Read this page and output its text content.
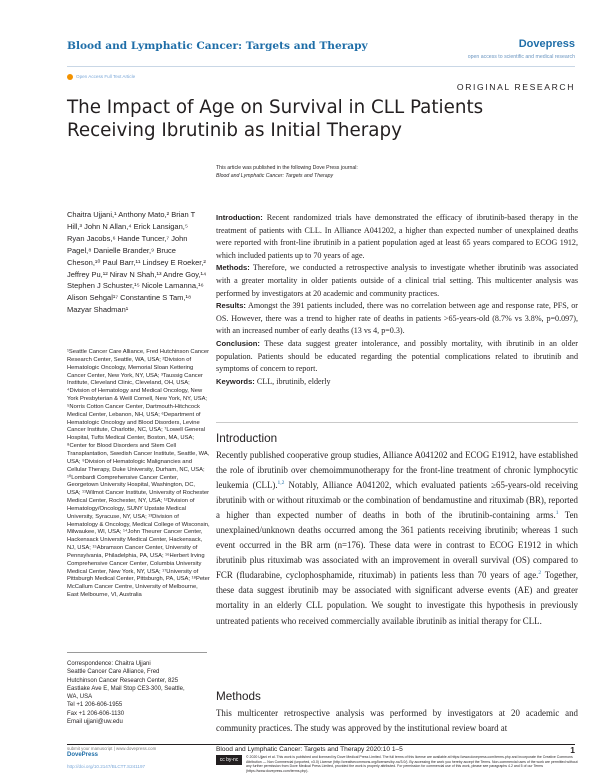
Blood and Lymphatic Cancer: Targets and Therapy	Dovepress
open access to scientific and medical research
Open Access Full Text Article
ORIGINAL RESEARCH
The Impact of Age on Survival in CLL Patients Receiving Ibrutinib as Initial Therapy
This article was published in the following Dove Press journal:
Blood and Lymphatic Cancer: Targets and Therapy
Chaitra Ujjani,¹ Anthony Mato,² Brian T Hill,³ John N Allan,⁴ Erick Lansigan,⁵ Ryan Jacobs,⁶ Hande Tuncer,⁷ John Pagel,⁸ Danielle Brander,⁹ Bruce Cheson,¹⁰ Paul Barr,¹¹ Lindsey E Roeker,² Jeffrey Pu,¹² Nirav N Shah,¹³ Andre Goy,¹⁴ Stephen J Schuster,¹⁵ Nicole Lamanna,¹⁶ Alison Sehgal¹⁷ Constantine S Tam,¹⁸ Mazyar Shadman¹
¹Seattle Cancer Care Alliance, Fred Hutchinson Cancer Research Center, Seattle, WA, USA; ²Division of Hematologic Oncology, Memorial Sloan Kettering Cancer Center, New York, NY, USA; ³Taussig Cancer Institute, Cleveland Clinic, Cleveland, OH, USA; ⁴Division of Hematology and Medical Oncology, New York Presbyterian & Weill Cornell, New York, NY, USA; ⁵Norris Cotton Cancer Center, Dartmouth-Hitchcock Medical Center, Lebanon, NH, USA; ⁶Department of Hematologic Oncology and Blood Disorders, Levine Cancer Institute, Charlotte, NC, USA; ⁷Lowell General Hospital, Tufts Medical Center, Boston, MA, USA; ⁸Center for Blood Disorders and Stem Cell Transplantation, Swedish Cancer Institute, Seattle, WA, USA; ⁹Division of Hematologic Malignancies and Cellular Therapy, Duke University, Durham, NC, USA; ¹⁰Lombardi Comprehensive Cancer Center, Georgetown University Hospital, Washington, DC, USA; ¹¹Wilmot Cancer Institute, University of Rochester Medical Center, Rochester, NY, USA; ¹²Division of Hematology/Oncology, SUNY Upstate Medical University, Syracuse, NY, USA; ¹³Division of Hematology & Oncology, Medical College of Wisconsin, Milwaukee, WI, USA; ¹⁴John Theurer Cancer Center, Hackensack University Medical Center, Hackensack, NJ, USA; ¹⁵Abramson Cancer Center, University of Pennsylvania, Philadelphia, PA, USA; ¹⁶Herbert Irving Comprehensive Cancer Center, Columbia University Medical Center, New York, NY, USA; ¹⁷University of Pittsburgh Medical Center, Pittsburgh, PA, USA; ¹⁸Peter McCallum Cancer Centre, University of Melbourne, East Melbourne, VI, Australia
Correspondence: Chaitra Ujjani
Seattle Cancer Care Alliance, Fred
Hutchinson Cancer Research Center, 825
Eastlake Ave E, Mail Stop CE3-300, Seattle,
WA, USA
Tel +1 206-606-1955
Fax +1 206-606-1130
Email ujjani@uw.edu

Introduction: Recent randomized trials have demonstrated the efficacy of ibrutinib-based therapy in the treatment of patients with CLL. In Alliance A041202, a higher than expected number of unexplained deaths were reported with front-line ibrutinib in a patient population aged at least 65 years compared to ECOG 1912, which included patients up to 70 years of age.

Methods: Therefore, we conducted a retrospective analysis to investigate whether ibrutinib was associated with a greater mortality in older patients outside of a clinical trial setting. This multicenter analysis was performed by investigators at 20 academic and community practices.

Results: Amongst the 391 patients included, there was no correlation between age and response rate, PFS, or OS. However, there was a trend to higher rate of deaths in patients >65-years-old (8.7% vs 3.8%, p=0.097), with an increased number of early deaths (13 vs 4, p=0.3).

Conclusion: These data suggest greater intolerance, and possibly mortality, with ibrutinib in an older population. Patients should be educated regarding the potential complications related to ibrutinib and symptoms of concern to report.

Keywords: CLL, ibrutinib, elderly

Introduction
Recently published cooperative group studies, Alliance A041202 and ECOG E1912, have established the role of ibrutinib over chemoimmunotherapy for the front-line treatment of chronic lymphocytic leukemia (CLL).$^{1,2}$ Notably, Alliance A041202, which evaluated patients ≥65-years-old receiving ibrutinib with or without rituximab or the combination of bendamustine and rituximab (BR), reported a higher than expected number of deaths in both of the ibrutinib-containing arms.$^1$ Ten unexplained/unknown deaths occurred among the 361 patients receiving ibrutinib; whereas 1 such event occurred in the BR arm (n=176). These data were in contrast to ECOG E1912 in which ibrutinib plus rituximab was associated with an improvement in overall survival (OS) compared to FCR (fludarabine, cyclophosphamide, rituximab) in patients less than 70 years of age.$^2$ Together, these data suggest ibrutinib may be associated with significant adverse events (AE) and greater mortality in an elderly CLL population. We sought to investigate this hypothesis in previously untreated patients who received commercially available ibrutinib as initial therapy for CLL.
Methods
This multicenter retrospective analysis was performed by investigators at 20 academic and community practices. The study was approved by the institutional review board at
submit your manuscript | www.dovepress.com
DovePress
http://doi.org/10.2147/BLCTT.S241197
Blood and Lymphatic Cancer: Targets and Therapy 2020:10 1–5	1
cc by-nc	© 2020 Ujjani et al. This work is published and licensed by Dove Medical Press Limited. The full terms of this license are available at https://www.dovepress.com/terms.php and incorporate the Creative Commons Attribution — Non Commercial (unported, v3.0) License (http://creativecommons.org/licenses/by-nc/3.0/). By accessing the work you hereby accept the Terms. Non-commercial uses of the work are permitted without any further permission from Dove Medical Press Limited, provided the work is properly attributed. For permission for commercial use of this work, please see paragraphs 4.2 and 5 of our Terms (https://www.dovepress.com/terms.php).
